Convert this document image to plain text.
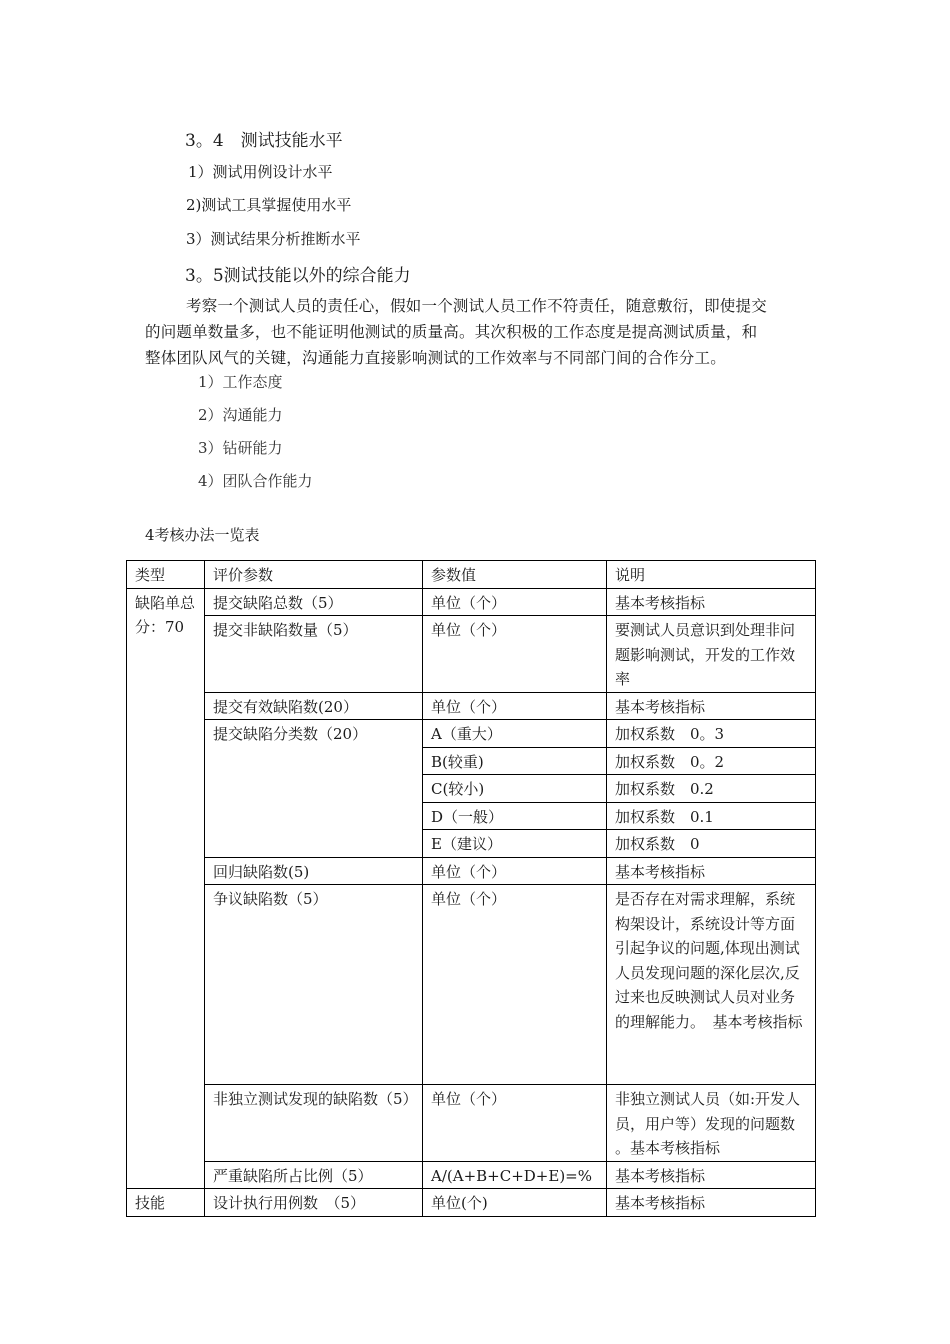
3。4　测试技能水平
1）测试用例设计水平
2)测试工具掌握使用水平
3）测试结果分析推断水平
3。5测试技能以外的综合能力
考察一个测试人员的责任心，假如一个测试人员工作不符责任，随意敷衍，即使提交
的问题单数量多，也不能证明他测试的质量高。其次积极的工作态度是提高测试质量，和
整体团队风气的关键，沟通能力直接影响测试的工作效率与不同部门间的合作分工。
1）工作态度
2）沟通能力
3）钻研能力
4）团队合作能力
4考核办法一览表
类型	评价参数	参数值	说明
缺陷单总分：70	提交缺陷总数（5）	单位（个）	基本考核指标
	提交非缺陷数量（5）	单位（个）	要测试人员意识到处理非问题影响测试，开发的工作效率
	提交有效缺陷数(20）	单位（个）	基本考核指标
	提交缺陷分类数（20）	A（重大）	加权系数　0。3
		B(较重)	加权系数　0。2
		C(较小)	加权系数　0.2
		D（一般）	加权系数　0.1
		E（建议）	加权系数　0
	回归缺陷数(5)	单位（个）	基本考核指标
	争议缺陷数（5）	单位（个）	是否存在对需求理解，系统构架设计，系统设计等方面引起争议的问题,体现出测试人员发现问题的深化层次,反过来也反映测试人员对业务的理解能力。　基本考核指标
	非独立测试发现的缺陷数（5）	单位（个）	非独立测试人员（如:开发人员，用户等）发现的问题数 。基本考核指标
	严重缺陷所占比例（5）	A/(A+B+C+D+E)=%	基本考核指标
技能	设计执行用例数　（5）	单位(个)	基本考核指标
